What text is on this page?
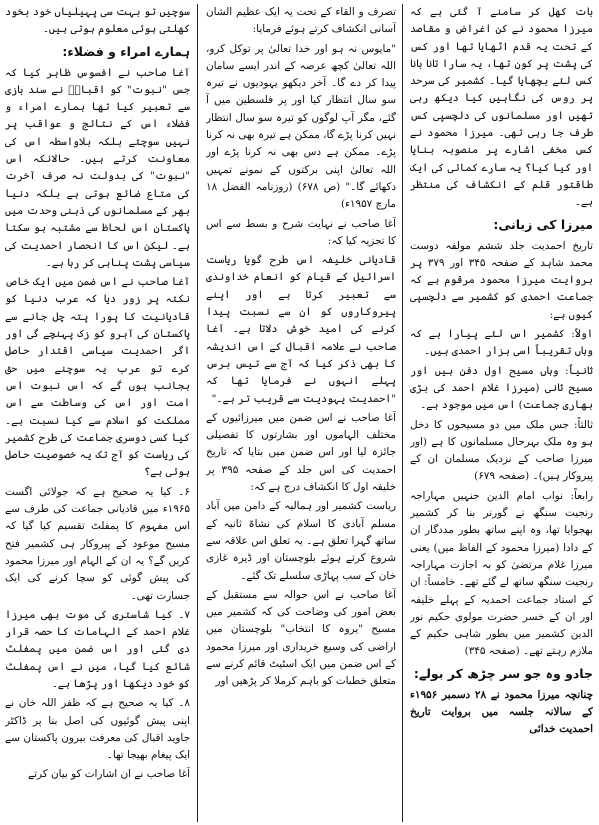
بات کھل کر سامنے آ گئی ہے کہ میرزا محمود نے کن اغراض و مقاصد کے تحت یہ قدم اٹھایا تھا اور کس کی پشت پر کون تھا، یہ سارا تانا بانا کس لئے بچھایا گیا۔ کشمیر کی سرحد پر روس کی نگاہیں کیا دیکھ رہی تھیں اور مسلمانوں کی دلچسپی کس طرف جا رہی تھی۔ میرزا محمود نے کس مخفی اشارے پر منصوبہ بنایا اور کیا کیا؟ یہ سارے کمائی کی ایک طاقتور قلم کے انکشاف کی منتظر ہے۔

میرزا کی زبانی:

تاریخ احمدیت جلد ششم مولفہ دوست محمد شاہد کے صفحہ ۳۴۵ اور ۳۷۹ پر بروایت میرزا محمود مرقوم ہے کہ جماعت احمدی کو کشمیر سے دلچسپی کیوں ہے:

اولاً: کشمیر اس لئے پیارا ہے کہ وہاں تقریباً اسی ہزار احمدی ہیں۔

ثانیاً: وہاں مسیح اول دفن ہیں اور مسیح ثانی (میرزا غلام احمد کی بڑی بھاری جماعت) اس میں موجود ہے۔

ثالثاً: جس ملک میں دو مسیحوں کا دخل ہو وہ ملک بہرحال مسلمانوں کا ہے (اور میرزا صاحب کے نزدیک مسلمان ان کے پیروکار ہیں)۔ (صفحہ ۶۷۹)

رابعاً: نواب امام الدین جنہیں مہاراجہ رنجیت سنگھ نے گورنر بنا کر کشمیر بھجوایا تھا، وہ اپنے ساتھ بطور مددگار ان کے دادا (میرزا محمود کے الفاظ میں) یعنی میرزا غلام مرتضیٰ کو بہ اجازت مہاراجہ رنجیت سنگھ ساتھ لے گئے تھے۔ خامساً: ان کے استاد جماعت احمدیہ کے پہلے خلیفہ اور ان کے خسر حضرت مولوی حکیم نور الدین کشمیر میں بطور شاہی حکیم کے ملازم رہتے تھے۔ (صفحہ ۳۴۵)

جادو وہ جو سر چڑھ کر بولے:

چنانچہ میرزا محمود نے ۲۸ دسمبر ۱۹۵۶ء کے سالانہ جلسہ میں بروایت تاریخ احمدیت خدائی

تصرف و القاء کے تحت یہ ایک عظیم الشان آسانی انکشاف کرتے ہوئے فرمایا:

"مایوس نہ ہو اور خدا تعالیٰ پر توکل کرو، اللہ تعالیٰ کچھ عرصہ کے اندر ایسے سامان پیدا کر دے گا۔ آخر دیکھو یہودیوں نے تیرہ سو سال انتظار کیا اور پر فلسطین میں آ گئے، مگر آپ لوگوں کو تیرہ سو سال انتظار نہیں کرنا پڑے گا، ممکن ہے تیرہ بھی نہ کرنا پڑے۔ ممکن ہے دس بھی نہ کرنا پڑے اور اللہ تعالیٰ اپنی برکتوں کے نمونے تمہیں دکھائے گا۔" (ص ۶۷۸) (روزنامہ الفضل ۱۸ مارچ ۱۹۵۷ء)

آغا صاحب نے نہایت شرح و بسط سے اس کا تجزیہ کیا کہ:

قادیانی خلیفہ اس طرح گویا ریاست اسرائیل کے قیام کو انعام خداوندی سے تعبیر کرتا ہے اور اپنے پیروکاروں کو ان سے نسبت پیدا کرنے کی امید خوش دلاتا ہے۔ آغا صاحب نے علامہ اقبال کے اس اندیشہ کا بھی ذکر کیا کہ آج سے تیس برس پہلے انہوں نے فرمایا تھا کہ "احمدیت یہودیت سے قریب تر ہے۔"

آغا صاحب نے اس ضمن میں میرزائیوں کے مختلف الہاموں اور بشارتوں کا تفصیلی جائزہ لیا اور اس ضمن میں بتایا کہ تاریخ احمدیت کی اس جلد کے صفحہ ۳۹۵ پر خلیفہ اول کا انکشاف درج ہے کہ:

ریاست کشمیر اور ہمالیہ کے دامن میں آباد مسلم آبادی کا اسلام کی نشاۃ ثانیہ کے ساتھ گہرا تعلق ہے۔ یہ تعلق اس علاقہ سے شروع کرتے ہوئے بلوچستان اور ڈیرہ غازی خان کے سب پہاڑی سلسلے تک گئے۔

آغا صاحب نے اس حوالہ سے مستقبل کے بعض امور کی وضاحت کی کہ کشمیر میں مسیح "یروہ کا انتخاب" بلوچستان میں اراضی کی وسیع خریداری اور میرزا محمود کے اس ضمن میں ایک اسٹیٹ قائم کرنے سے متعلق خطبات کو باہم کرملا کر پڑھیں اور

سوچیں تو بہت سی پہیلیاں خود بخود کھلتی ہوئی معلوم ہوتی ہیں۔

ہمارے امراء و فضلاء:

آغا صاحب نے افسوس ظاہر کیا کہ جس "نبوت" کو اقبالؒ نے سند بازی سے تعبیر کیا تھا ہمارے امراء و فضلاء اس کے نتائج و عواقب پر نہیں سوچتے بلکہ بلاواسطہ اس کی معاونت کرتے ہیں۔ حالانکہ اس "نبوت" کی بدولت نہ صرف آخرت کی متاع ضائع ہوتی ہے بلکہ دنیا بھر کے مسلمانوں کی ذہنی وحدت میں پاکستان اس لحاظ سے مشتبہ ہو سکتا ہے۔ لیکن اس کا انحصار احمدیت کی سیاسی پشت پناہی کر رہا ہے۔

آغا صاحب نے اس ضمن میں ایک خاص نکتہ پر زور دیا کہ عرب دنیا کو قادیانیت کا پورا پتہ چل جانے سے پاکستان کی آبرو کو زک پہنچے گی اور اگر احمدیت سیاسی اقتدار حاصل کرے تو عرب یہ سوچنے میں حق بجانب ہوں گے کہ اس نبوت اس امت اور اس کی وساطت سے اس مملکت کو اسلام سے کیا نسبت ہے۔ کیا کسی دوسری جماعت کی طرح کشمیر کی ریاست کو آج تک یہ خصوصیت حاصل ہوئی ہے؟

۶۔ کیا یہ صحیح ہے کہ جولائی اگست ۱۹۶۵ء میں قادیانی جماعت کی طرف سے اس مفہوم کا پمفلٹ تقسیم کیا گیا کہ مسیح موعود کے پیروکار ہی کشمیر فتح کریں گے؟ یہ ان کے الہام اور میرزا محمود کی پیش گوئی کو سچا کرنے کی ایک جسارت تھی۔

۷۔ کیا شاستری کی موت بھی میرزا غلام احمد کے الہامات کا حصہ قرار دی گئی اور اس ضمن میں پمفلٹ شائع کیا گیا، میں نے اس پمفلٹ کو خود دیکھا اور پڑھا ہے۔

۸۔ کیا یہ صحیح ہے کہ ظفر اللہ خان نے اپنی پیش گوئیوں کی اصل بنا پر ڈاکٹر جاوید اقبال کی معرفت بیرون پاکستان سے ایک پیغام بھیجا تھا۔

آغا صاحب نے ان اشارات کو بیان کرتے
